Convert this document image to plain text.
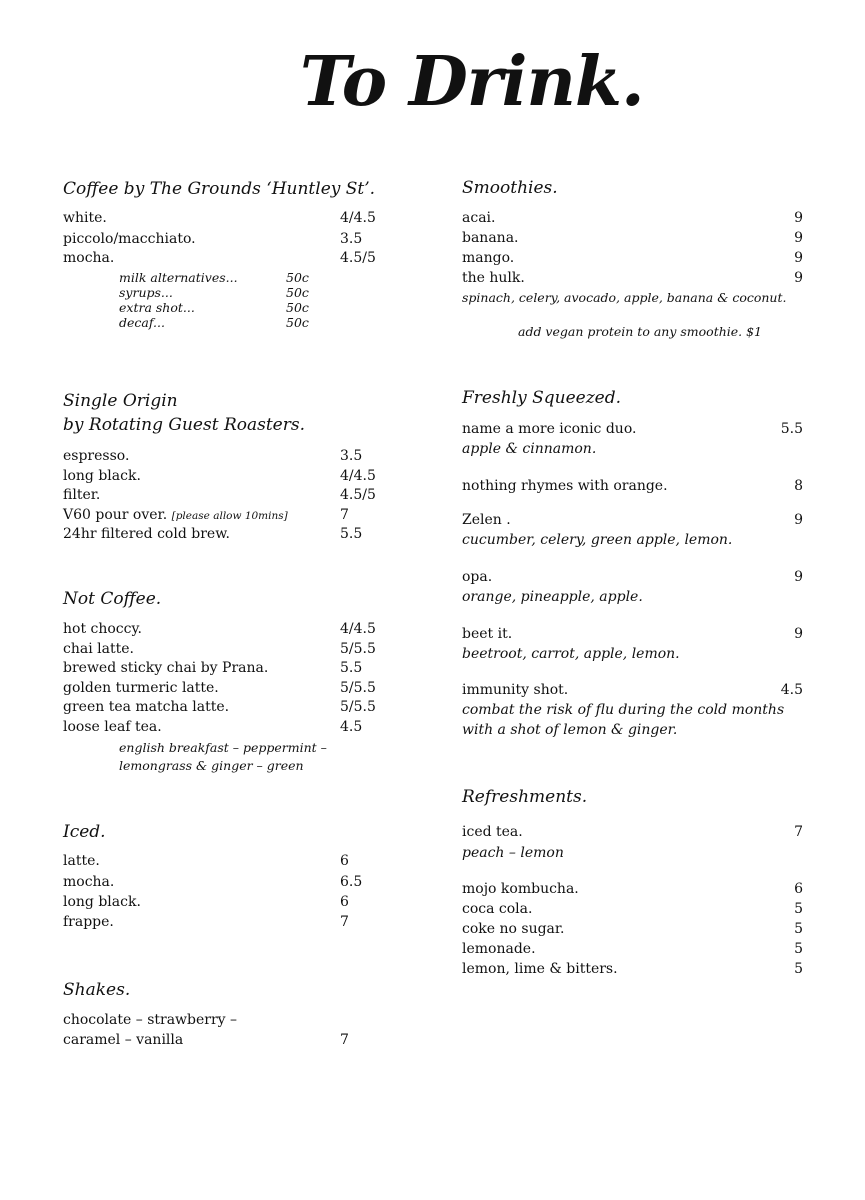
To Drink.
Coffee by The Grounds ‘Huntley St’.
white.	4/4.5
piccolo/macchiato.	3.5
mocha.	4.5/5
milk alternatives...	50c
syrups...	50c
extra shot...	50c
decaf...	50c
Single Origin
by Rotating Guest Roasters.
espresso.	3.5
long black.	4/4.5
filter.	4.5/5
V60 pour over. [please allow 10mins]	7
24hr filtered cold brew.	5.5
Not Coffee.
hot choccy.	4/4.5
chai latte.	5/5.5
brewed sticky chai by Prana.	5.5
golden turmeric latte.	5/5.5
green tea matcha latte.	5/5.5
loose leaf tea.	4.5
english breakfast – peppermint –
lemongrass & ginger – green
Iced.
latte.	6
mocha.	6.5
long black.	6
frappe.	7
Shakes.
chocolate – strawberry –
caramel – vanilla	7
Smoothies.
acai.	9
banana.	9
mango.	9
the hulk.	9
spinach, celery, avocado, apple, banana & coconut.
add vegan protein to any smoothie. $1
Freshly Squeezed.
name a more iconic duo.	5.5
apple & cinnamon.
nothing rhymes with orange.	8
Zelen .	9
cucumber, celery, green apple, lemon.
opa.	9
orange, pineapple, apple.
beet it.	9
beetroot, carrot, apple, lemon.
immunity shot.	4.5
combat the risk of flu during the cold months
with a shot of lemon & ginger.
Refreshments.
iced tea.	7
peach – lemon
mojo kombucha.	6
coca cola.	5
coke no sugar.	5
lemonade.	5
lemon, lime & bitters.	5
